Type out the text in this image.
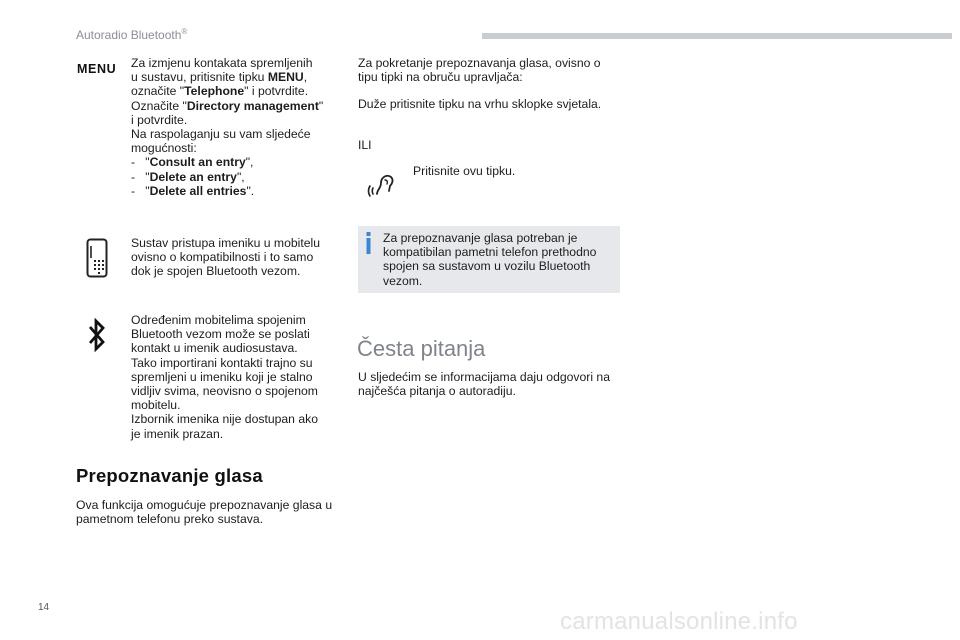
Autoradio Bluetooth®
MENU Za izmjenu kontakata spremljenih

u sustavu, pritisnite tipku MENU,

označite "Telephone" i potvrdite.

Označite "Directory management"

i potvrdite.

Na raspolaganju su vam sljedeće

mogućnosti:

- "Consult an entry",

- "Delete an entry",

- "Delete all entries".

Sustav pristupa imeniku u mobitelu

ovisno o kompatibilnosti i to samo

dok je spojen Bluetooth vezom.

Određenim mobitelima spojenim

Bluetooth vezom može se poslati

kontakt u imenik audiosustava.

Tako importirani kontakti trajno su

spremljeni u imeniku koji je stalno

vidljiv svima, neovisno o spojenom

mobitelu.

Izbornik imenika nije dostupan ako

je imenik prazan.

Prepoznavanje glasa

Ova funkcija omogućuje prepoznavanje glasa u

pametnom telefonu preko sustava.

Za pokretanje prepoznavanja glasa, ovisno o

tipu tipki na obruču upravljača:

Duže pritisnite tipku na vrhu sklopke svjetala.

ILI
Pritisnite ovu tipku.

Za prepoznavanje glasa potreban je

kompatibilan pametni telefon prethodno

spojen sa sustavom u vozilu Bluetooth

vezom.

Česta pitanja

U sljedećim se informacijama daju odgovori na

najčešća pitanja o autoradiju.

14
carmanualsonline.info
